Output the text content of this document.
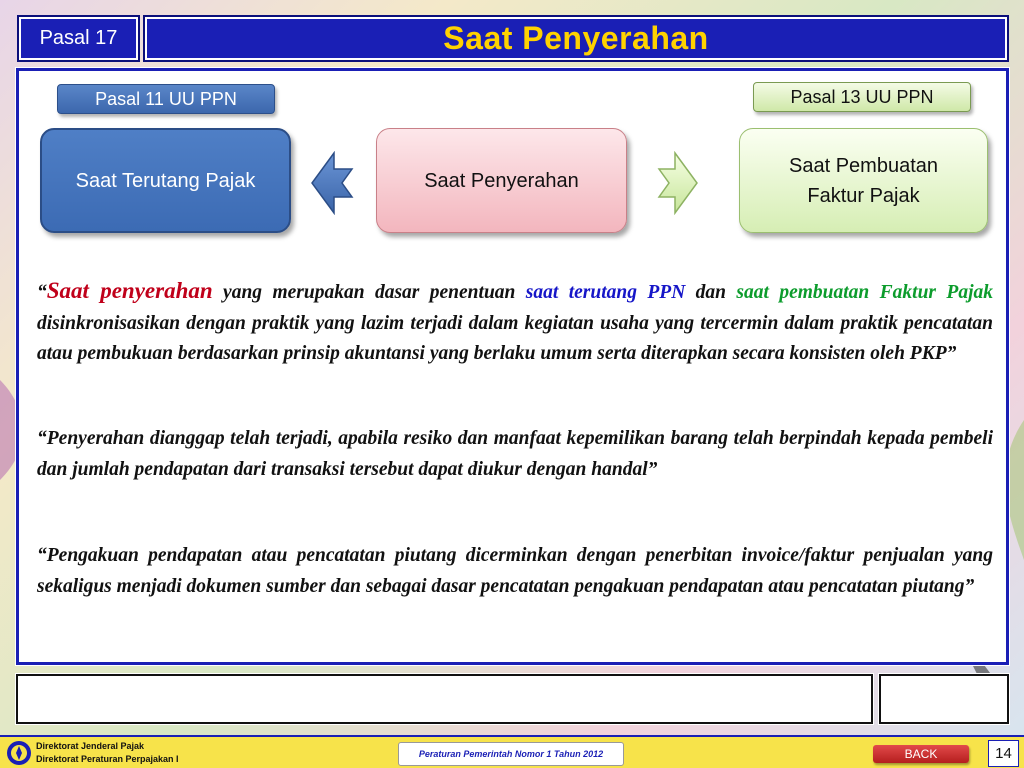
Pasal 17	Saat Penyerahan
Pasal 11 UU PPN	Pasal 13 UU PPN
Saat Terutang Pajak	Saat Penyerahan
Saat Pembuatan
Faktur Pajak

“Saat penyerahan yang merupakan dasar penentuan saat terutang PPN dan saat pembuatan Faktur Pajak disinkronisasikan dengan praktik yang lazim terjadi dalam kegiatan usaha yang tercermin dalam praktik pencatatan atau pembukuan berdasarkan prinsip akuntansi yang berlaku umum serta diterapkan secara konsisten oleh PKP”

“Penyerahan dianggap telah terjadi, apabila resiko dan manfaat kepemilikan barang telah berpindah kepada pembeli dan jumlah pendapatan dari transaksi tersebut dapat diukur dengan handal”

“Pengakuan pendapatan atau pencatatan piutang dicerminkan dengan penerbitan invoice/faktur penjualan yang sekaligus menjadi dokumen sumber dan sebagai dasar pencatatan pengakuan pendapatan atau pencatatan piutang”

Direktorat Jenderal Pajak
Direktorat Peraturan Perpajakan I	Peraturan Pemerintah Nomor 1 Tahun 2012	BACK	14
